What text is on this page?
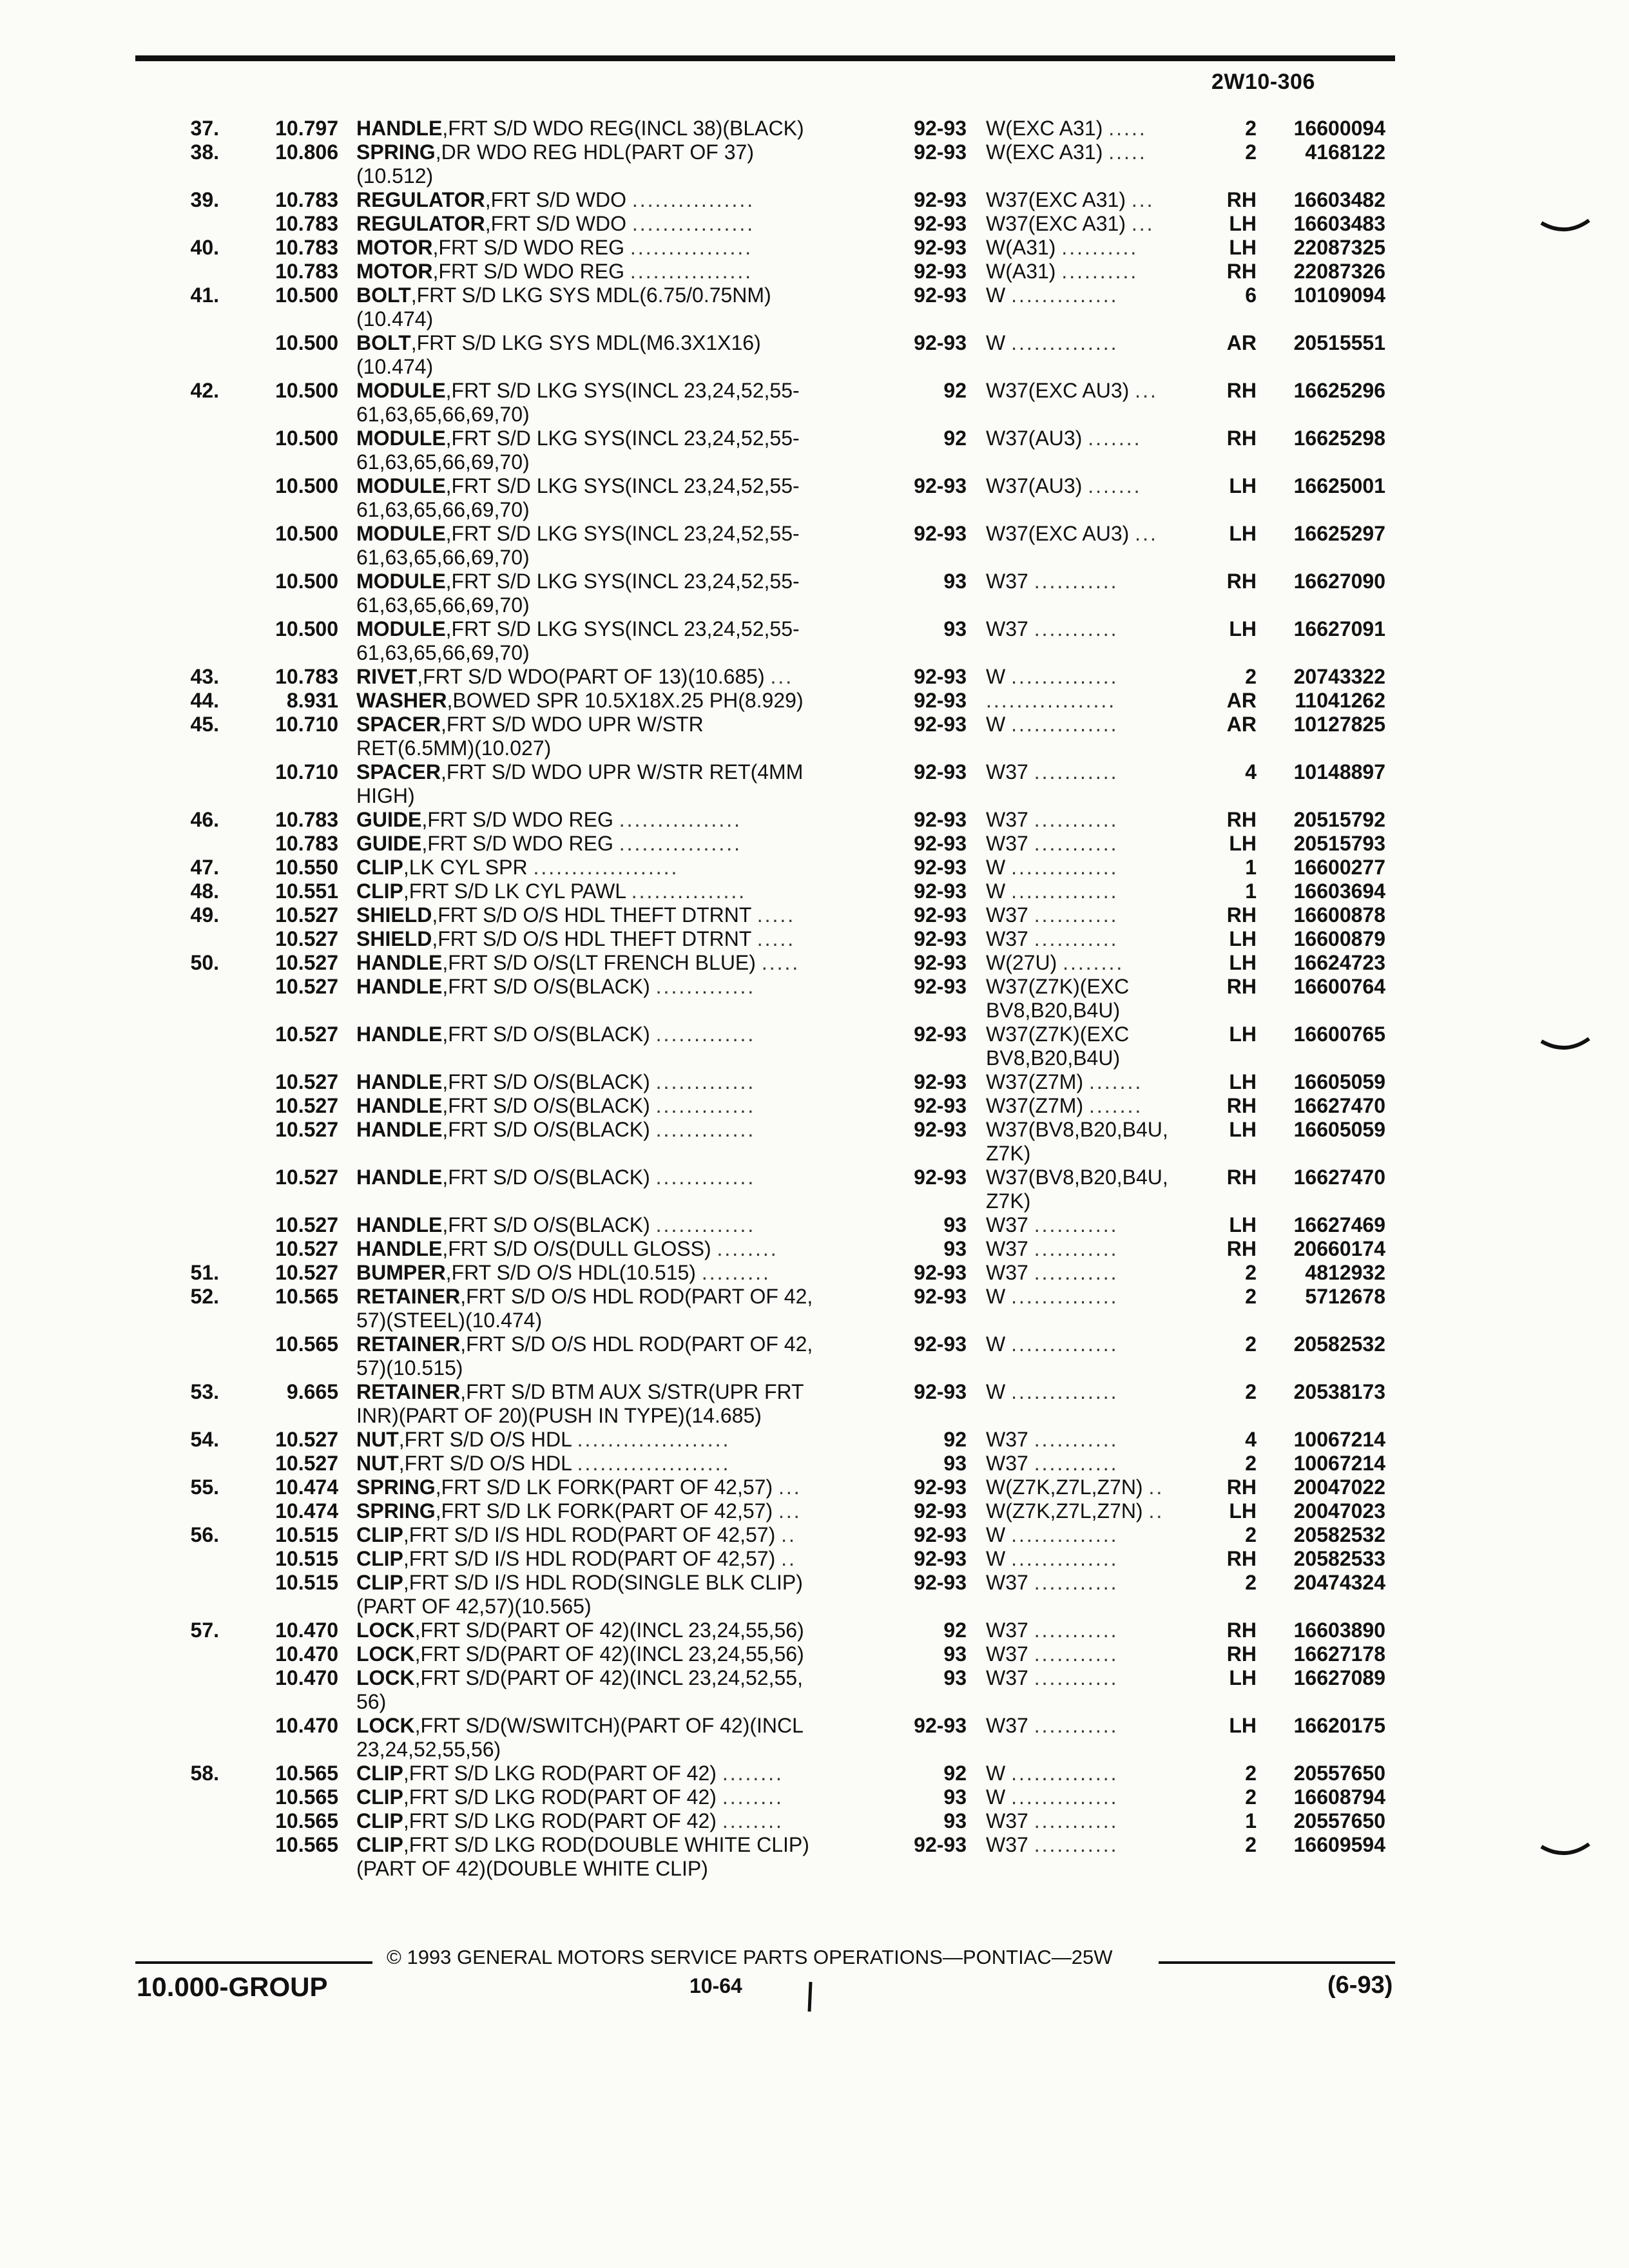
2W10-306
37.	10.797 HANDLE,FRT S/D WDO REG(INCL 38)(BLACK)	92-93 W(EXC A31) .....	2	16600094
38.	10.806 SPRING,DR WDO REG HDL(PART OF 37)	92-93 W(EXC A31) .....	2	4168122
(10.512)
39.	10.783 REGULATOR,FRT S/D WDO ................	92-93 W37(EXC A31) ...	RH	16603482
10.783 REGULATOR,FRT S/D WDO ................	92-93 W37(EXC A31) ...	LH	16603483
40.	10.783 MOTOR,FRT S/D WDO REG ................	92-93 W(A31) ..........	LH	22087325
10.783 MOTOR,FRT S/D WDO REG ................	92-93 W(A31) ..........	RH	22087326
41.	10.500 BOLT,FRT S/D LKG SYS MDL(6.75/0.75NM)	92-93 W ..............	6	10109094
(10.474)
10.500 BOLT,FRT S/D LKG SYS MDL(M6.3X1X16)	92-93 W ..............	AR	20515551
(10.474)
42.	10.500 MODULE,FRT S/D LKG SYS(INCL 23,24,52,55-	92 W37(EXC AU3) ...	RH	16625296
61,63,65,66,69,70)
10.500 MODULE,FRT S/D LKG SYS(INCL 23,24,52,55-	92 W37(AU3) .......	RH	16625298
61,63,65,66,69,70)
10.500 MODULE,FRT S/D LKG SYS(INCL 23,24,52,55-	92-93 W37(AU3) .......	LH	16625001
61,63,65,66,69,70)
10.500 MODULE,FRT S/D LKG SYS(INCL 23,24,52,55-	92-93 W37(EXC AU3) ...	LH	16625297
61,63,65,66,69,70)
10.500 MODULE,FRT S/D LKG SYS(INCL 23,24,52,55-	93 W37 ...........	RH	16627090
61,63,65,66,69,70)
10.500 MODULE,FRT S/D LKG SYS(INCL 23,24,52,55-	93 W37 ...........	LH	16627091
61,63,65,66,69,70)
43.	10.783 RIVET,FRT S/D WDO(PART OF 13)(10.685) ...	92-93 W ..............	2	20743322
44.	8.931 WASHER,BOWED SPR 10.5X18X.25 PH(8.929)	92-93 .................	AR	11041262
45.	10.710 SPACER,FRT S/D WDO UPR W/STR	92-93 W ..............	AR	10127825
RET(6.5MM)(10.027)
10.710 SPACER,FRT S/D WDO UPR W/STR RET(4MM	92-93 W37 ...........	4	10148897
HIGH)
46.	10.783 GUIDE,FRT S/D WDO REG ................	92-93 W37 ...........	RH	20515792
10.783 GUIDE,FRT S/D WDO REG ................	92-93 W37 ...........	LH	20515793
47.	10.550 CLIP,LK CYL SPR ...................	92-93 W ..............	1	16600277
48.	10.551 CLIP,FRT S/D LK CYL PAWL ...............	92-93 W ..............	1	16603694
49.	10.527 SHIELD,FRT S/D O/S HDL THEFT DTRNT .....	92-93 W37 ...........	RH	16600878
10.527 SHIELD,FRT S/D O/S HDL THEFT DTRNT .....	92-93 W37 ...........	LH	16600879
50.	10.527 HANDLE,FRT S/D O/S(LT FRENCH BLUE) .....	92-93 W(27U) ........	LH	16624723
10.527 HANDLE,FRT S/D O/S(BLACK) .............	92-93 W37(Z7K)(EXC	RH	16600764
BV8,B20,B4U)
10.527 HANDLE,FRT S/D O/S(BLACK) .............	92-93 W37(Z7K)(EXC	LH	16600765
BV8,B20,B4U)
10.527 HANDLE,FRT S/D O/S(BLACK) .............	92-93 W37(Z7M) .......	LH	16605059
10.527 HANDLE,FRT S/D O/S(BLACK) .............	92-93 W37(Z7M) .......	RH	16627470
10.527 HANDLE,FRT S/D O/S(BLACK) .............	92-93 W37(BV8,B20,B4U,	LH	16605059
Z7K)
10.527 HANDLE,FRT S/D O/S(BLACK) .............	92-93 W37(BV8,B20,B4U,	RH	16627470
Z7K)
10.527 HANDLE,FRT S/D O/S(BLACK) .............	93 W37 ...........	LH	16627469
10.527 HANDLE,FRT S/D O/S(DULL GLOSS) ........	93 W37 ...........	RH	20660174
51.	10.527 BUMPER,FRT S/D O/S HDL(10.515) .........	92-93 W37 ...........	2	4812932
52.	10.565 RETAINER,FRT S/D O/S HDL ROD(PART OF 42,	92-93 W ..............	2	5712678
57)(STEEL)(10.474)
10.565 RETAINER,FRT S/D O/S HDL ROD(PART OF 42,	92-93 W ..............	2	20582532
57)(10.515)
53.	9.665 RETAINER,FRT S/D BTM AUX S/STR(UPR FRT	92-93 W ..............	2	20538173
INR)(PART OF 20)(PUSH IN TYPE)(14.685)
54.	10.527 NUT,FRT S/D O/S HDL ....................	92 W37 ...........	4	10067214
10.527 NUT,FRT S/D O/S HDL ....................	93 W37 ...........	2	10067214
55.	10.474 SPRING,FRT S/D LK FORK(PART OF 42,57) ...	92-93 W(Z7K,Z7L,Z7N) ..	RH	20047022
10.474 SPRING,FRT S/D LK FORK(PART OF 42,57) ...	92-93 W(Z7K,Z7L,Z7N) ..	LH	20047023
56.	10.515 CLIP,FRT S/D I/S HDL ROD(PART OF 42,57) ..	92-93 W ..............	2	20582532
10.515 CLIP,FRT S/D I/S HDL ROD(PART OF 42,57) ..	92-93 W ..............	RH	20582533
10.515 CLIP,FRT S/D I/S HDL ROD(SINGLE BLK CLIP)	92-93 W37 ...........	2	20474324
(PART OF 42,57)(10.565)
57.	10.470 LOCK,FRT S/D(PART OF 42)(INCL 23,24,55,56)	92 W37 ...........	RH	16603890
10.470 LOCK,FRT S/D(PART OF 42)(INCL 23,24,55,56)	93 W37 ...........	RH	16627178
10.470 LOCK,FRT S/D(PART OF 42)(INCL 23,24,52,55,	93 W37 ...........	LH	16627089
56)
10.470 LOCK,FRT S/D(W/SWITCH)(PART OF 42)(INCL	92-93 W37 ...........	LH	16620175
23,24,52,55,56)
58.	10.565 CLIP,FRT S/D LKG ROD(PART OF 42) ........	92 W ..............	2	20557650
10.565 CLIP,FRT S/D LKG ROD(PART OF 42) ........	93 W ..............	2	16608794
10.565 CLIP,FRT S/D LKG ROD(PART OF 42) ........	93 W37 ...........	1	20557650
10.565 CLIP,FRT S/D LKG ROD(DOUBLE WHITE CLIP)	92-93 W37 ...........	2	16609594
(PART OF 42)(DOUBLE WHITE CLIP)
© 1993 GENERAL MOTORS SERVICE PARTS OPERATIONS—PONTIAC—25W
10.000-GROUP	10-64	(6-93)
